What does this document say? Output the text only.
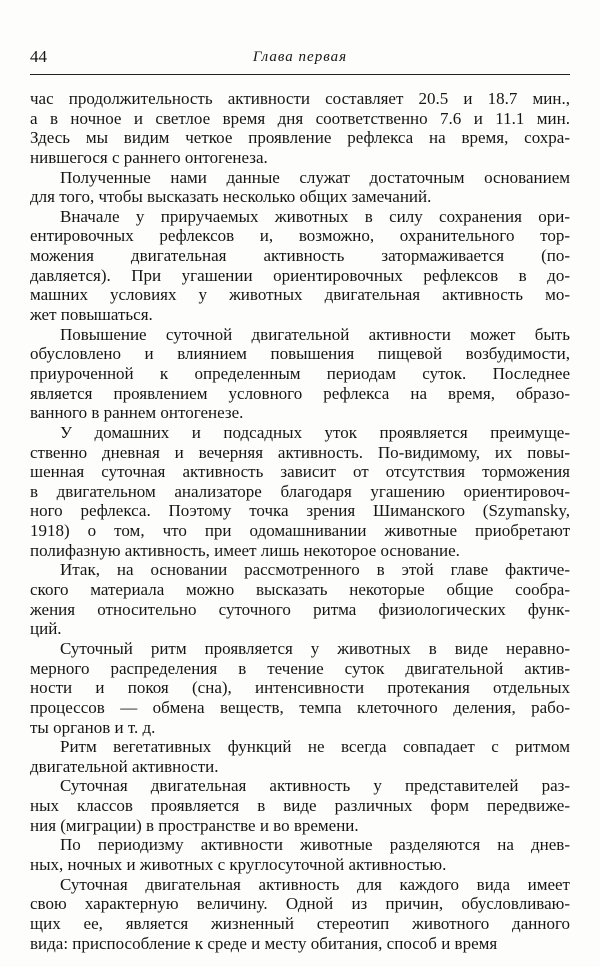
44	Глава первая
час продолжительность активности составляет 20.5 и 18.7 мин.,
а в ночное и светлое время дня соответственно 7.6 и 11.1 мин.
Здесь мы видим четкое проявление рефлекса на время, сохра-
нившегося с раннего онтогенеза.
Полученные нами данные служат достаточным основанием
для того, чтобы высказать несколько общих замечаний.
Вначале у приручаемых животных в силу сохранения ори-
ентировочных рефлексов и, возможно, охранительного тор-
можения двигательная активность затормаживается (по-
давляется). При угашении ориентировочных рефлексов в до-
машних условиях у животных двигательная активность мо-
жет повышаться.
Повышение суточной двигательной активности может быть
обусловлено и влиянием повышения пищевой возбудимости,
приуроченной к определенным периодам суток. Последнее
является проявлением условного рефлекса на время, образо-
ванного в раннем онтогенезе.
У домашних и подсадных уток проявляется преимуще-
ственно дневная и вечерняя активность. По-видимому, их повы-
шенная суточная активность зависит от отсутствия торможения
в двигательном анализаторе благодаря угашению ориентировоч-
ного рефлекса. Поэтому точка зрения Шиманского (Szymansky,
1918) о том, что при одомашнивании животные приобретают
полифазную активность, имеет лишь некоторое основание.
Итак, на основании рассмотренного в этой главе фактиче-
ского материала можно высказать некоторые общие сообра-
жения относительно суточного ритма физиологических функ-
ций.
Суточный ритм проявляется у животных в виде неравно-
мерного распределения в течение суток двигательной актив-
ности и покоя (сна), интенсивности протекания отдельных
процессов — обмена веществ, темпа клеточного деления, рабо-
ты органов и т. д.
Ритм вегетативных функций не всегда совпадает с ритмом
двигательной активности.
Суточная двигательная активность у представителей раз-
ных классов проявляется в виде различных форм передвиже-
ния (миграции) в пространстве и во времени.
По периодизму активности животные разделяются на днев-
ных, ночных и животных с круглосуточной активностью.
Суточная двигательная активность для каждого вида имеет
свою характерную величину. Одной из причин, обусловливаю-
щих ее, является жизненный стереотип животного данного
вида: приспособление к среде и месту обитания, способ и время
